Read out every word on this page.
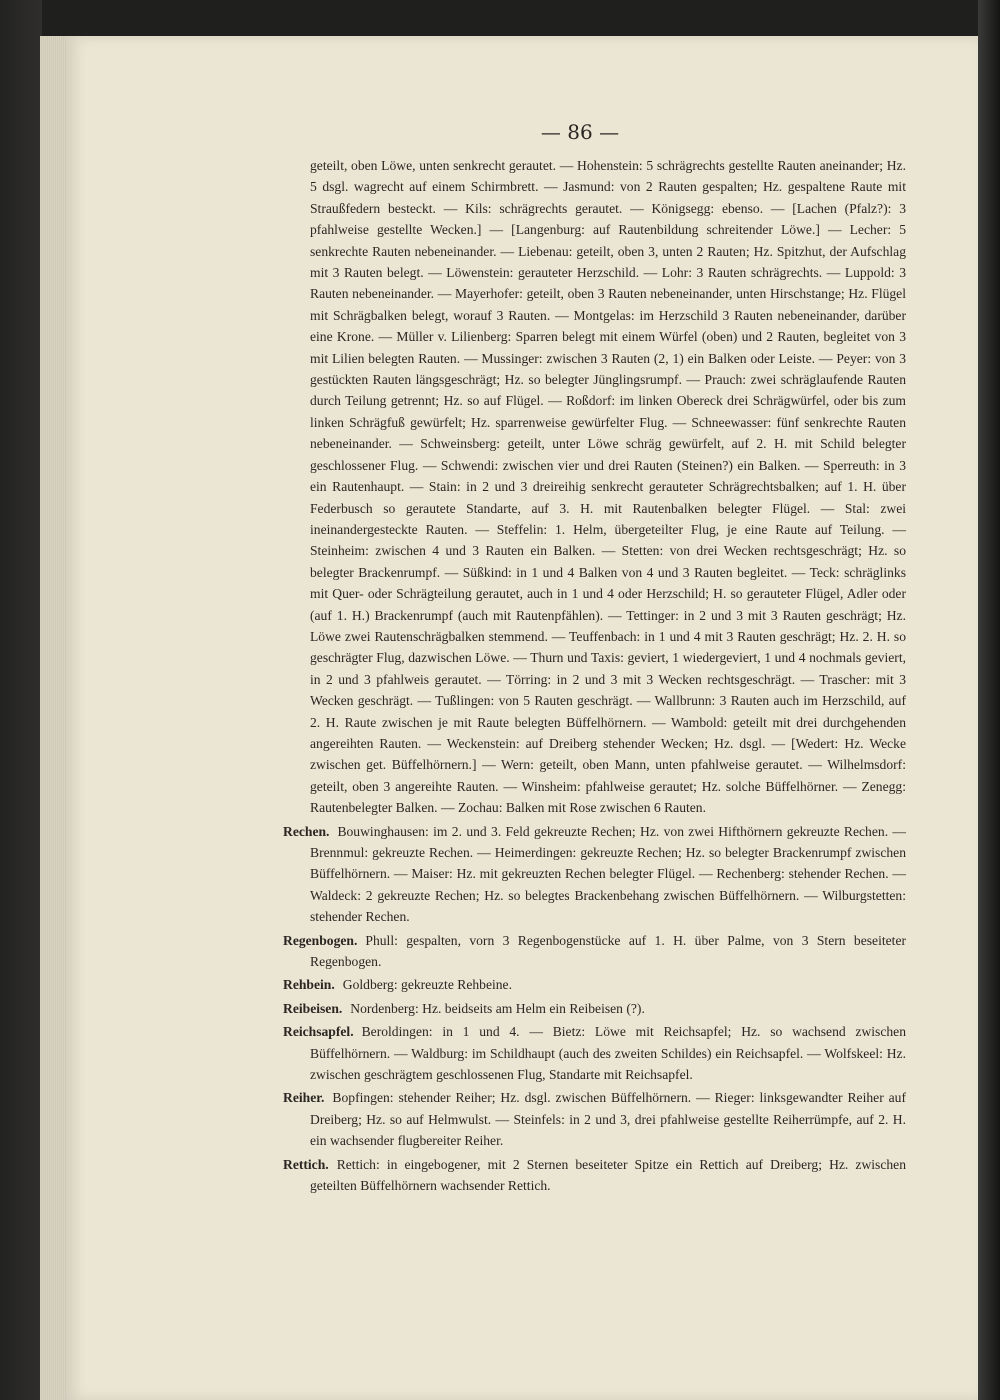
— 86 —

geteilt, oben Löwe, unten senkrecht gerautet. — Hohenstein: 5 schrägrechts gestellte Rauten aneinander; Hz. 5 dsgl. wagrecht auf einem Schirmbrett. — Jasmund: von 2 Rauten gespalten; Hz. gespaltene Raute mit Straußfedern besteckt. — Kils: schrägrechts gerautet. — Königsegg: ebenso. — [Lachen (Pfalz?): 3 pfahlweise gestellte Wecken.] — [Langenburg: auf Rautenbildung schreitender Löwe.] — Lecher: 5 senkrechte Rauten nebeneinander. — Liebenau: geteilt, oben 3, unten 2 Rauten; Hz. Spitzhut, der Aufschlag mit 3 Rauten belegt. — Löwenstein: gerauteter Herzschild. — Lohr: 3 Rauten schrägrechts. — Luppold: 3 Rauten nebeneinander. — Mayerhofer: geteilt, oben 3 Rauten nebeneinander, unten Hirschstange; Hz. Flügel mit Schrägbalken belegt, worauf 3 Rauten. — Montgelas: im Herzschild 3 Rauten nebeneinander, darüber eine Krone. — Müller v. Lilienberg: Sparren belegt mit einem Würfel (oben) und 2 Rauten, begleitet von 3 mit Lilien belegten Rauten. — Mussinger: zwischen 3 Rauten (2, 1) ein Balken oder Leiste. — Peyer: von 3 gestückten Rauten längsgeschrägt; Hz. so belegter Jünglingsrumpf. — Prauch: zwei schräglaufende Rauten durch Teilung getrennt; Hz. so auf Flügel. — Roßdorf: im linken Obereck drei Schrägwürfel, oder bis zum linken Schrägfuß gewürfelt; Hz. sparrenweise gewürfelter Flug. — Schneewasser: fünf senkrechte Rauten nebeneinander. — Schweinsberg: geteilt, unter Löwe schräg gewürfelt, auf 2. H. mit Schild belegter geschlossener Flug. — Schwendi: zwischen vier und drei Rauten (Steinen?) ein Balken. — Sperreuth: in 3 ein Rautenhaupt. — Stain: in 2 und 3 dreireihig senkrecht gerauteter Schrägrechtsbalken; auf 1. H. über Federbusch so gerautete Standarte, auf 3. H. mit Rautenbalken belegter Flügel. — Stal: zwei ineinandergesteckte Rauten. — Steffelin: 1. Helm, übergeteilter Flug, je eine Raute auf Teilung. — Steinheim: zwischen 4 und 3 Rauten ein Balken. — Stetten: von drei Wecken rechtsgeschrägt; Hz. so belegter Brackenrumpf. — Süßkind: in 1 und 4 Balken von 4 und 3 Rauten begleitet. — Teck: schräglinks mit Quer- oder Schrägteilung gerautet, auch in 1 und 4 oder Herzschild; H. so gerauteter Flügel, Adler oder (auf 1. H.) Brackenrumpf (auch mit Rautenpfählen). — Tettinger: in 2 und 3 mit 3 Rauten geschrägt; Hz. Löwe zwei Rautenschrägbalken stemmend. — Teuffenbach: in 1 und 4 mit 3 Rauten geschrägt; Hz. 2. H. so geschrägter Flug, dazwischen Löwe. — Thurn und Taxis: geviert, 1 wiedergeviert, 1 und 4 nochmals geviert, in 2 und 3 pfahlweis gerautet. — Törring: in 2 und 3 mit 3 Wecken rechtsgeschrägt. — Trascher: mit 3 Wecken geschrägt. — Tußlingen: von 5 Rauten geschrägt. — Wallbrunn: 3 Rauten auch im Herzschild, auf 2. H. Raute zwischen je mit Raute belegten Büffelhörnern. — Wambold: geteilt mit drei durchgehenden angereihten Rauten. — Weckenstein: auf Dreiberg stehender Wecken; Hz. dsgl. — [Wedert: Hz. Wecke zwischen get. Büffelhörnern.] — Wern: geteilt, oben Mann, unten pfahlweise gerautet. — Wilhelmsdorf: geteilt, oben 3 angereihte Rauten. — Winsheim: pfahlweise gerautet; Hz. solche Büffelhörner. — Zenegg: Rautenbelegter Balken. — Zochau: Balken mit Rose zwischen 6 Rauten.

Rechen. Bouwinghausen: im 2. und 3. Feld gekreuzte Rechen; Hz. von zwei Hifthörnern gekreuzte Rechen. — Brennmul: gekreuzte Rechen. — Heimerdingen: gekreuzte Rechen; Hz. so belegter Brackenrumpf zwischen Büffelhörnern. — Maiser: Hz. mit gekreuzten Rechen belegter Flügel. — Rechenberg: stehender Rechen. — Waldeck: 2 gekreuzte Rechen; Hz. so belegtes Brackenbehang zwischen Büffelhörnern. — Wilburgstetten: stehender Rechen.

Regenbogen. Phull: gespalten, vorn 3 Regenbogenstücke auf 1. H. über Palme, von 3 Stern beseiteter Regenbogen.

Rehbein. Goldberg: gekreuzte Rehbeine.

Reibeisen. Nordenberg: Hz. beidseits am Helm ein Reibeisen (?).

Reichsapfel. Beroldingen: in 1 und 4. — Bietz: Löwe mit Reichsapfel; Hz. so wachsend zwischen Büffelhörnern. — Waldburg: im Schildhaupt (auch des zweiten Schildes) ein Reichsapfel. — Wolfskeel: Hz. zwischen geschrägtem geschlossenen Flug, Standarte mit Reichsapfel.

Reiher. Bopfingen: stehender Reiher; Hz. dsgl. zwischen Büffelhörnern. — Rieger: linksgewandter Reiher auf Dreiberg; Hz. so auf Helmwulst. — Steinfels: in 2 und 3, drei pfahlweise gestellte Reiherrümpfe, auf 2. H. ein wachsender flugbereiter Reiher.

Rettich. Rettich: in eingebogener, mit 2 Sternen beseiteter Spitze ein Rettich auf Dreiberg; Hz. zwischen geteilten Büffelhörnern wachsender Rettich.
